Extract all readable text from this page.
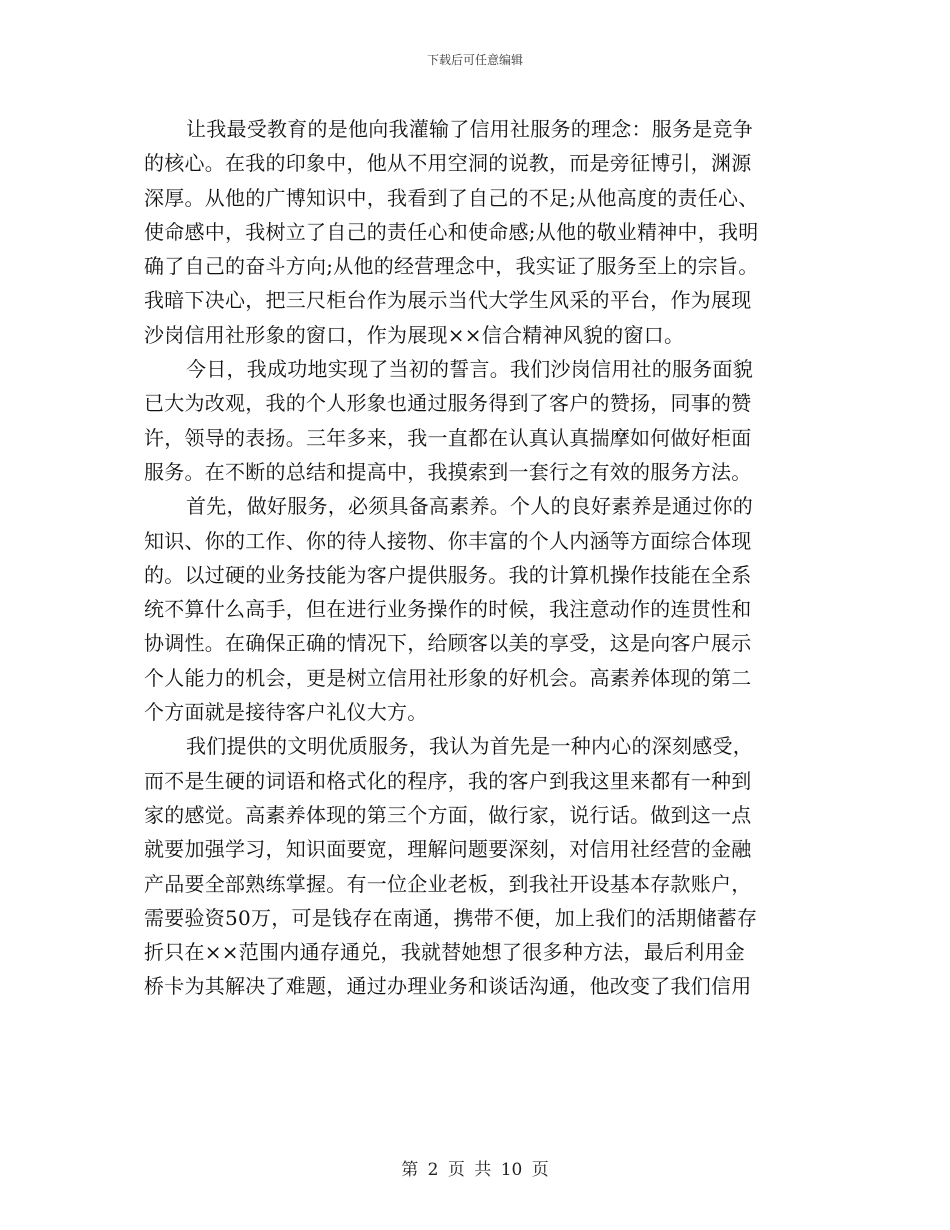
下载后可任意编辑
让我最受教育的是他向我灌输了信用社服务的理念：服务是竞争
的核心。在我的印象中，他从不用空洞的说教，而是旁征博引，渊源
深厚。从他的广博知识中，我看到了自己的不足;从他高度的责任心、
使命感中，我树立了自己的责任心和使命感;从他的敬业精神中，我明
确了自己的奋斗方向;从他的经营理念中，我实证了服务至上的宗旨。
我暗下决心，把三尺柜台作为展示当代大学生风采的平台，作为展现
沙岗信用社形象的窗口，作为展现××信合精神风貌的窗口。
今日，我成功地实现了当初的誓言。我们沙岗信用社的服务面貌
已大为改观，我的个人形象也通过服务得到了客户的赞扬，同事的赞
许，领导的表扬。三年多来，我一直都在认真认真揣摩如何做好柜面
服务。在不断的总结和提高中，我摸索到一套行之有效的服务方法。
首先，做好服务，必须具备高素养。个人的良好素养是通过你的
知识、你的工作、你的待人接物、你丰富的个人内涵等方面综合体现
的。以过硬的业务技能为客户提供服务。我的计算机操作技能在全系
统不算什么高手，但在进行业务操作的时候，我注意动作的连贯性和
协调性。在确保正确的情况下，给顾客以美的享受，这是向客户展示
个人能力的机会，更是树立信用社形象的好机会。高素养体现的第二
个方面就是接待客户礼仪大方。
我们提供的文明优质服务，我认为首先是一种内心的深刻感受，
而不是生硬的词语和格式化的程序，我的客户到我这里来都有一种到
家的感觉。高素养体现的第三个方面，做行家，说行话。做到这一点
就要加强学习，知识面要宽，理解问题要深刻，对信用社经营的金融
产品要全部熟练掌握。有一位企业老板，到我社开设基本存款账户，
需要验资50万，可是钱存在南通，携带不便，加上我们的活期储蓄存
折只在××范围内通存通兑，我就替她想了很多种方法，最后利用金
桥卡为其解决了难题，通过办理业务和谈话沟通，他改变了我们信用
第 2 页 共 10 页
